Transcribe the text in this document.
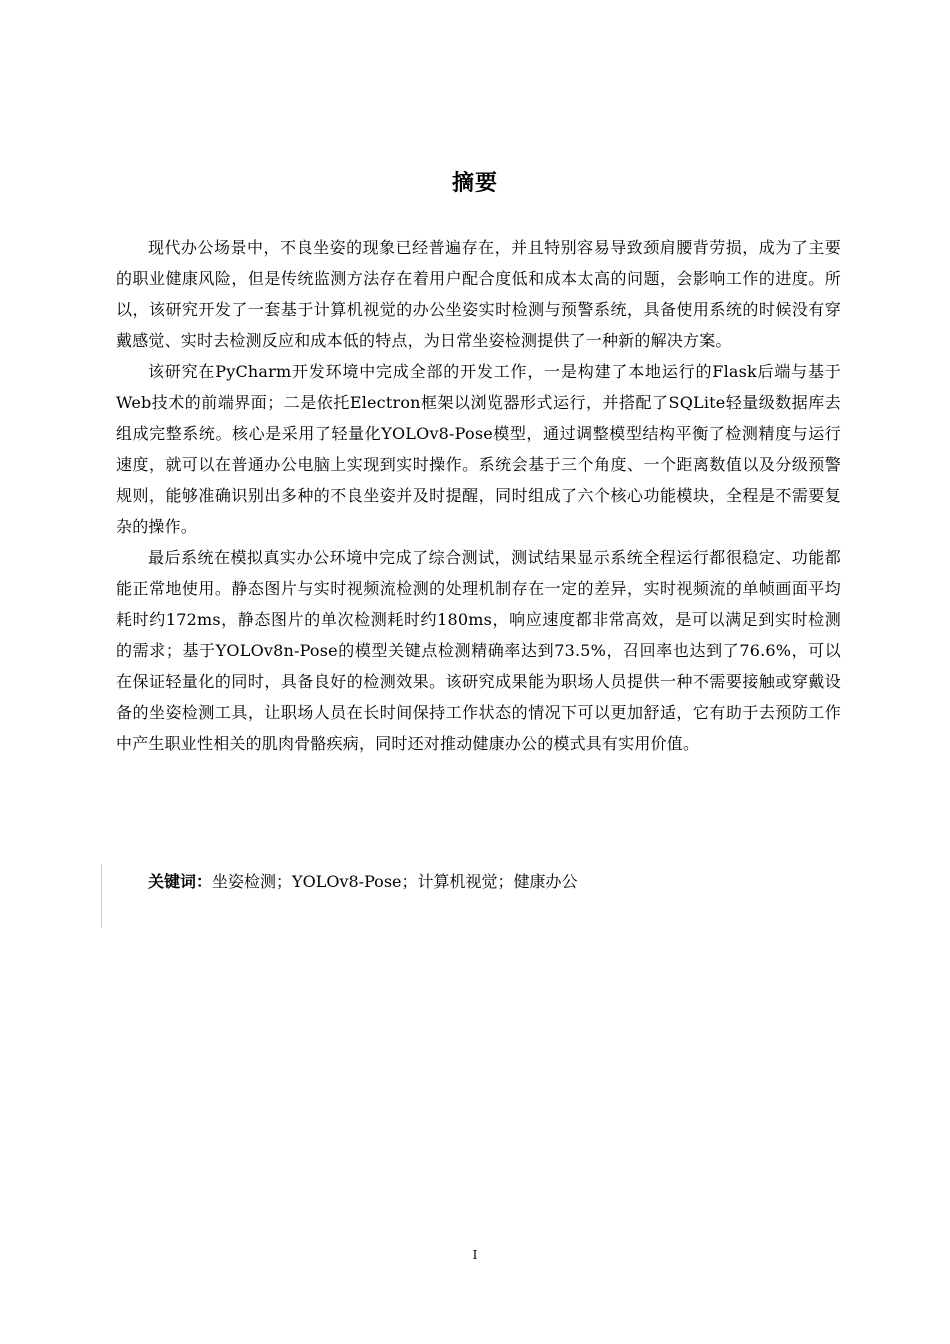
摘要

现代办公场景中，不良坐姿的现象已经普遍存在，并且特别容易导致颈肩腰背劳损，成为了主要的职业健康风险，但是传统监测方法存在着用户配合度低和成本太高的问题，会影响工作的进度。所以，该研究开发了一套基于计算机视觉的办公坐姿实时检测与预警系统，具备使用系统的时候没有穿戴感觉、实时去检测反应和成本低的特点，为日常坐姿检测提供了一种新的解决方案。

该研究在PyCharm开发环境中完成全部的开发工作，一是构建了本地运行的Flask后端与基于Web技术的前端界面；二是依托Electron框架以浏览器形式运行，并搭配了SQLite轻量级数据库去组成完整系统。核心是采用了轻量化YOLOv8-Pose模型，通过调整模型结构平衡了检测精度与运行速度，就可以在普通办公电脑上实现到实时操作。系统会基于三个角度、一个距离数值以及分级预警规则，能够准确识别出多种的不良坐姿并及时提醒，同时组成了六个核心功能模块，全程是不需要复杂的操作。

最后系统在模拟真实办公环境中完成了综合测试，测试结果显示系统全程运行都很稳定、功能都能正常地使用。静态图片与实时视频流检测的处理机制存在一定的差异，实时视频流的单帧画面平均耗时约172ms，静态图片的单次检测耗时约180ms，响应速度都非常高效，是可以满足到实时检测的需求；基于YOLOv8n-Pose的模型关键点检测精确率达到73.5%，召回率也达到了76.6%，可以在保证轻量化的同时，具备良好的检测效果。该研究成果能为职场人员提供一种不需要接触或穿戴设备的坐姿检测工具，让职场人员在长时间保持工作状态的情况下可以更加舒适，它有助于去预防工作中产生职业性相关的肌肉骨骼疾病，同时还对推动健康办公的模式具有实用价值。

关键词：坐姿检测；YOLOv8-Pose；计算机视觉；健康办公
I
